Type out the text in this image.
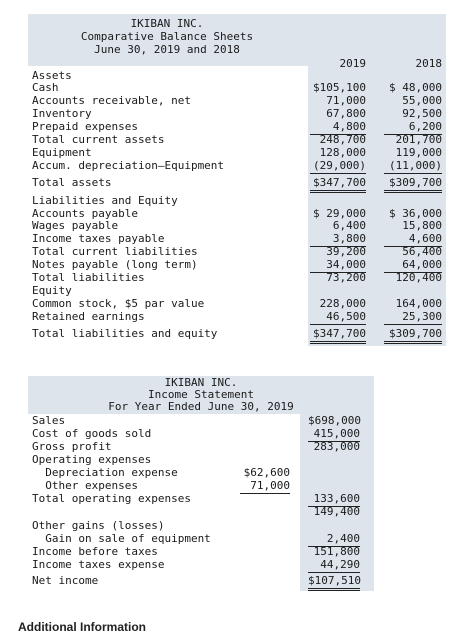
IKIBAN INC.
Comparative Balance Sheets
June 30, 2019 and 2018
2019	2018
Assets
Cash	$105,100	$ 48,000
Accounts receivable, net	71,000	55,000
Inventory	67,800	92,500
Prepaid expenses	4,800	6,200
Total current assets	248,700	201,700
Equipment	128,000	119,000
Accum. depreciation–Equipment	(29,000)	(11,000)
Total assets	$347,700	$309,700
Liabilities and Equity
Accounts payable	$ 29,000	$ 36,000
Wages payable	6,400	15,800
Income taxes payable	3,800	4,600
Total current liabilities	39,200	56,400
Notes payable (long term)	34,000	64,000
Total liabilities	73,200	120,400
Equity
Common stock, $5 par value	228,000	164,000
Retained earnings	46,500	25,300
Total liabilities and equity	$347,700	$309,700
IKIBAN INC.
Income Statement
For Year Ended June 30, 2019
Sales	$698,000
Cost of goods sold	415,000
Gross profit	283,000
Operating expenses
Depreciation expense	$62,600
Other expenses	71,000
Total operating expenses	133,600
149,400
Other gains (losses)
Gain on sale of equipment	2,400
Income before taxes	151,800
Income taxes expense	44,290
Net income	$107,510
Additional Information
